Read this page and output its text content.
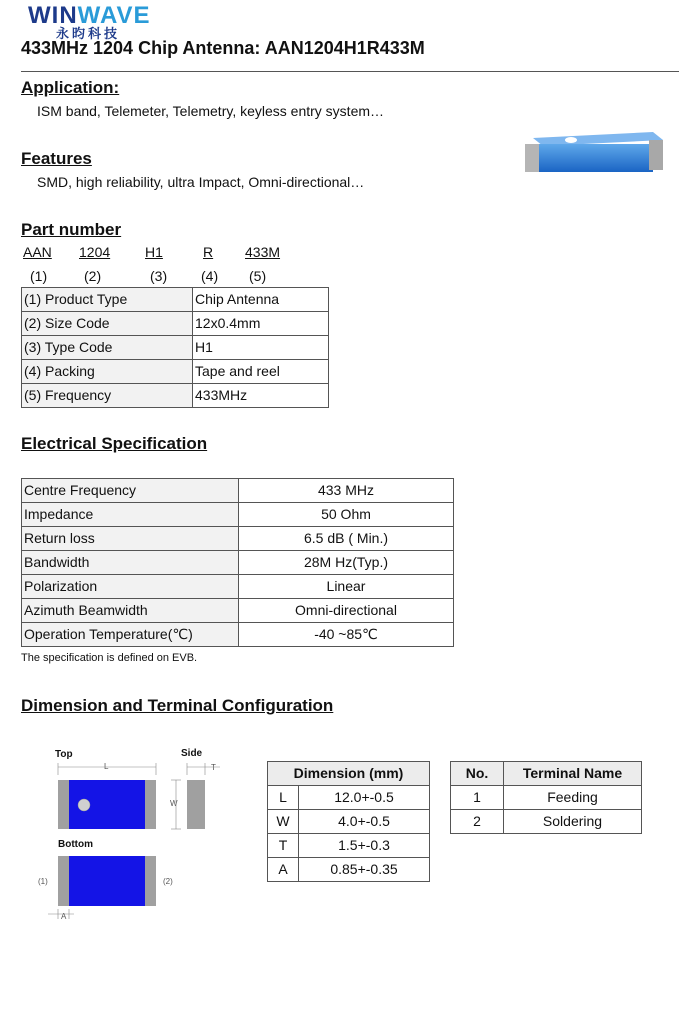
WINWAVE
永昀科技
433MHz 1204 Chip Antenna: AAN1204H1R433M
Application:
ISM band, Telemeter, Telemetry, keyless entry system…
Features
SMD, high reliability, ultra Impact, Omni-directional…
Part number
AAN 1204 H1	R 433M
(1)	(2)	(3) (4) (5)
(1) Product Type	Chip Antenna
(2) Size Code	12x0.4mm
(3) Type Code	H1
(4) Packing	Tape and reel
(5) Frequency	433MHz
Electrical Specification
Centre Frequency	433 MHz
Impedance	50 Ohm
Return loss	6.5 dB ( Min.)
Bandwidth	28M Hz(Typ.)
Polarization	Linear
Azimuth Beamwidth	Omni-directional
Operation Temperature(℃)	-40 ~85℃
The specification is defined on EVB.
Dimension and Terminal Configuration
Top	Side
Bottom
L
W
T
A
(1)	(2)
Dimension (mm)	
L	12.0+-0.5
W	4.0+-0.5
T	1.5+-0.3
A	0.85+-0.35
No.	Terminal Name
1	Feeding
2	Soldering
